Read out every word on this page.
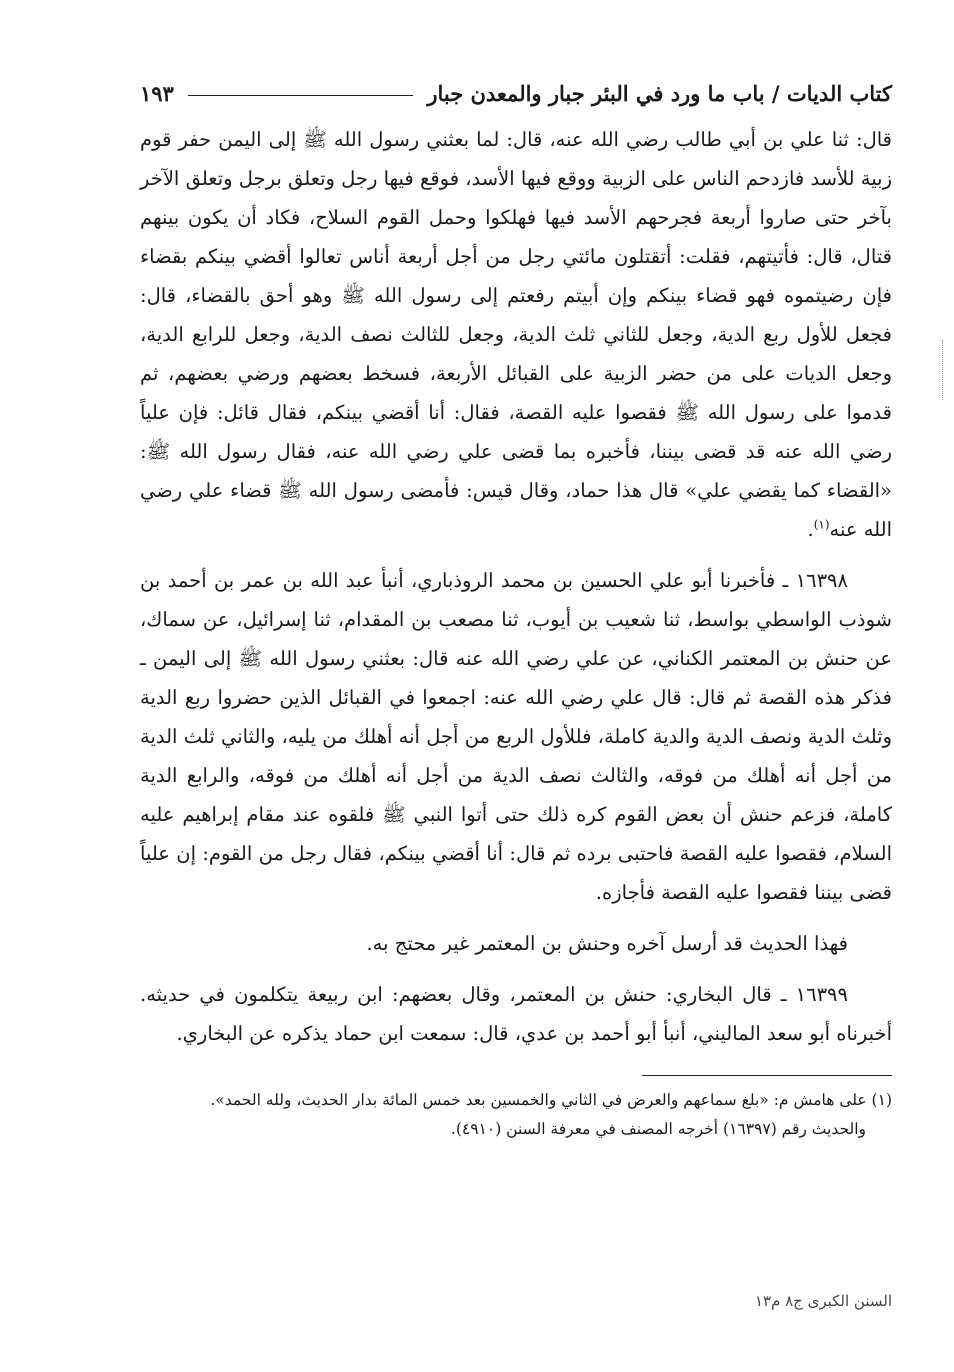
كتاب الديات / باب ما ورد في البئر جبار والمعدن جبار
١٩٣

قال: ثنا علي بن أبي طالب رضي الله عنه، قال: لما بعثني رسول الله ﷺ إلى اليمن حفر قوم زبية للأسد فازدحم الناس على الزبية ووقع فيها الأسد، فوقع فيها رجل وتعلق برجل وتعلق الآخر بآخر حتى صاروا أربعة فجرحهم الأسد فيها فهلكوا وحمل القوم السلاح، فكاد أن يكون بينهم قتال، قال: فأتيتهم، فقلت: أتقتلون مائتي رجل من أجل أربعة أناس تعالوا أقضي بينكم بقضاء فإن رضيتموه فهو قضاء بينكم وإن أبيتم رفعتم إلى رسول الله ﷺ وهو أحق بالقضاء، قال: فجعل للأول ربع الدية، وجعل للثاني ثلث الدية، وجعل للثالث نصف الدية، وجعل للرابع الدية، وجعل الديات على من حضر الزبية على القبائل الأربعة، فسخط بعضهم ورضي بعضهم، ثم قدموا على رسول الله ﷺ فقصوا عليه القصة، فقال: أنا أقضي بينكم، فقال قائل: فإن علياً رضي الله عنه قد قضى بيننا، فأخبره بما قضى علي رضي الله عنه، فقال رسول الله ﷺ: «القضاء كما يقضي علي» قال هذا حماد، وقال قيس: فأمضى رسول الله ﷺ قضاء علي رضي الله عنه$^{(١)}$.

١٦٣٩٨ ـ فأخبرنا أبو علي الحسين بن محمد الروذباري، أنبأ عبد الله بن عمر بن أحمد بن شوذب الواسطي بواسط، ثنا شعيب بن أيوب، ثنا مصعب بن المقدام، ثنا إسرائيل، عن سماك، عن حنش بن المعتمر الكناني، عن علي رضي الله عنه قال: بعثني رسول الله ﷺ إلى اليمن ـ فذكر هذه القصة ثم قال: قال علي رضي الله عنه: اجمعوا في القبائل الذين حضروا ربع الدية وثلث الدية ونصف الدية والدية كاملة، فللأول الربع من أجل أنه أهلك من يليه، والثاني ثلث الدية من أجل أنه أهلك من فوقه، والثالث نصف الدية من أجل أنه أهلك من فوقه، والرابع الدية كاملة، فزعم حنش أن بعض القوم كره ذلك حتى أتوا النبي ﷺ فلقوه عند مقام إبراهيم عليه السلام، فقصوا عليه القصة فاحتبى برده ثم قال: أنا أقضي بينكم، فقال رجل من القوم: إن علياً قضى بيننا فقصوا عليه القصة فأجازه.

فهذا الحديث قد أرسل آخره وحنش بن المعتمر غير محتج به.

١٦٣٩٩ ـ قال البخاري: حنش بن المعتمر، وقال بعضهم: ابن ربيعة يتكلمون في حديثه. أخبرناه أبو سعد الماليني، أنبأ أبو أحمد بن عدي، قال: سمعت ابن حماد يذكره عن البخاري.

(١) على هامش م: «بلغ سماعهم والعرض في الثاني والخمسين بعد خمس المائة بدار الحديث، ولله الحمد».

والحديث رقم (١٦٣٩٧) أخرجه المصنف في معرفة السنن (٤٩١٠).

السنن الكبرى ج٨ م١٣
